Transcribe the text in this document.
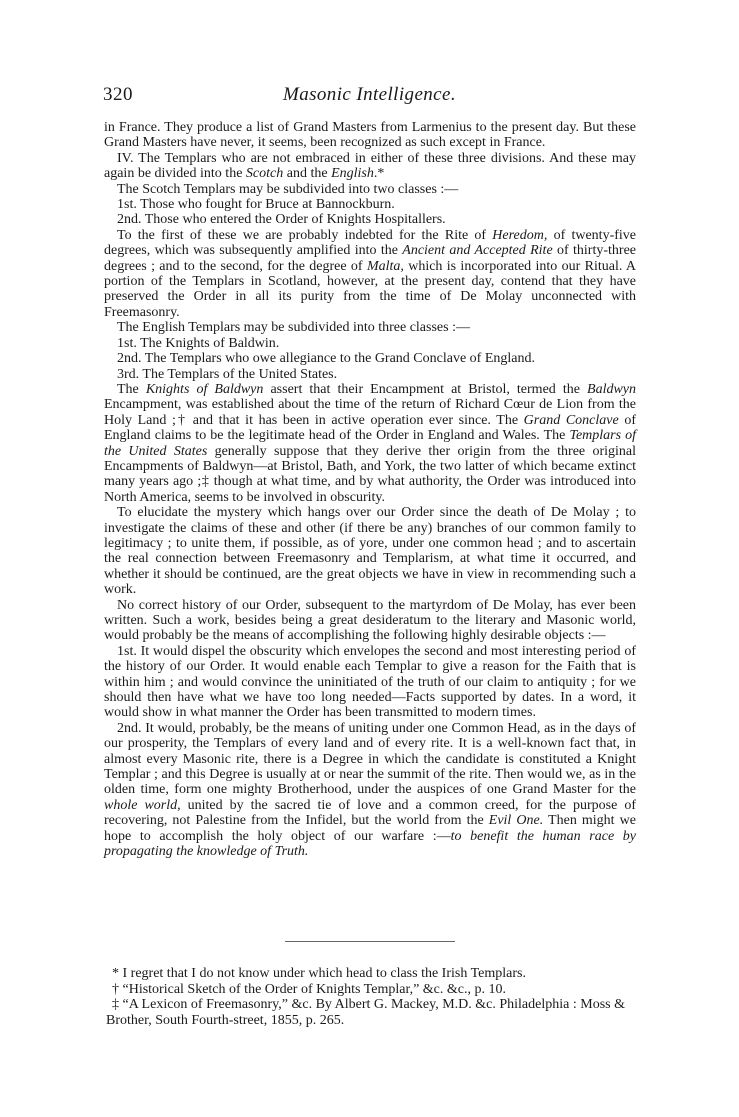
320	Masonic Intelligence.

in France. They produce a list of Grand Masters from Larmenius to the present day. But these Grand Masters have never, it seems, been recognized as such except in France.

IV. The Templars who are not embraced in either of these three divisions. And these may again be divided into the Scotch and the English.*

The Scotch Templars may be subdivided into two classes :—

1st. Those who fought for Bruce at Bannockburn.

2nd. Those who entered the Order of Knights Hospitallers.

To the first of these we are probably indebted for the Rite of Heredom, of twenty-five degrees, which was subsequently amplified into the Ancient and Accepted Rite of thirty-three degrees ; and to the second, for the degree of Malta, which is incorporated into our Ritual. A portion of the Templars in Scotland, however, at the present day, contend that they have preserved the Order in all its purity from the time of De Molay unconnected with Freemasonry.

The English Templars may be subdivided into three classes :—

1st. The Knights of Baldwin.

2nd. The Templars who owe allegiance to the Grand Conclave of England.

3rd. The Templars of the United States.

The Knights of Baldwyn assert that their Encampment at Bristol, termed the Baldwyn Encampment, was established about the time of the return of Richard Cœur de Lion from the Holy Land ;† and that it has been in active operation ever since. The Grand Conclave of England claims to be the legitimate head of the Order in England and Wales. The Templars of the United States generally suppose that they derive ther origin from the three original Encampments of Baldwyn—at Bristol, Bath, and York, the two latter of which became extinct many years ago ;‡ though at what time, and by what authority, the Order was introduced into North America, seems to be involved in obscurity.

To elucidate the mystery which hangs over our Order since the death of De Molay ; to investigate the claims of these and other (if there be any) branches of our common family to legitimacy ; to unite them, if possible, as of yore, under one common head ; and to ascertain the real connection between Freemasonry and Templarism, at what time it occurred, and whether it should be continued, are the great objects we have in view in recommending such a work.

No correct history of our Order, subsequent to the martyrdom of De Molay, has ever been written. Such a work, besides being a great desideratum to the literary and Masonic world, would probably be the means of accomplishing the following highly desirable objects :—

1st. It would dispel the obscurity which envelopes the second and most interesting period of the history of our Order. It would enable each Templar to give a reason for the Faith that is within him ; and would convince the uninitiated of the truth of our claim to antiquity ; for we should then have what we have too long needed—Facts supported by dates. In a word, it would show in what manner the Order has been transmitted to modern times.

2nd. It would, probably, be the means of uniting under one Common Head, as in the days of our prosperity, the Templars of every land and of every rite. It is a well-known fact that, in almost every Masonic rite, there is a Degree in which the candidate is constituted a Knight Templar ; and this Degree is usually at or near the summit of the rite. Then would we, as in the olden time, form one mighty Brotherhood, under the auspices of one Grand Master for the whole world, united by the sacred tie of love and a common creed, for the purpose of recovering, not Palestine from the Infidel, but the world from the Evil One. Then might we hope to accomplish the holy object of our warfare :—to benefit the human race by propagating the knowledge of Truth.

* I regret that I do not know under which head to class the Irish Templars.

† “Historical Sketch of the Order of Knights Templar,” &c. &c., p. 10.

‡ “A Lexicon of Freemasonry,” &c. By Albert G. Mackey, M.D. &c. Philadelphia : Moss & Brother, South Fourth-street, 1855, p. 265.
